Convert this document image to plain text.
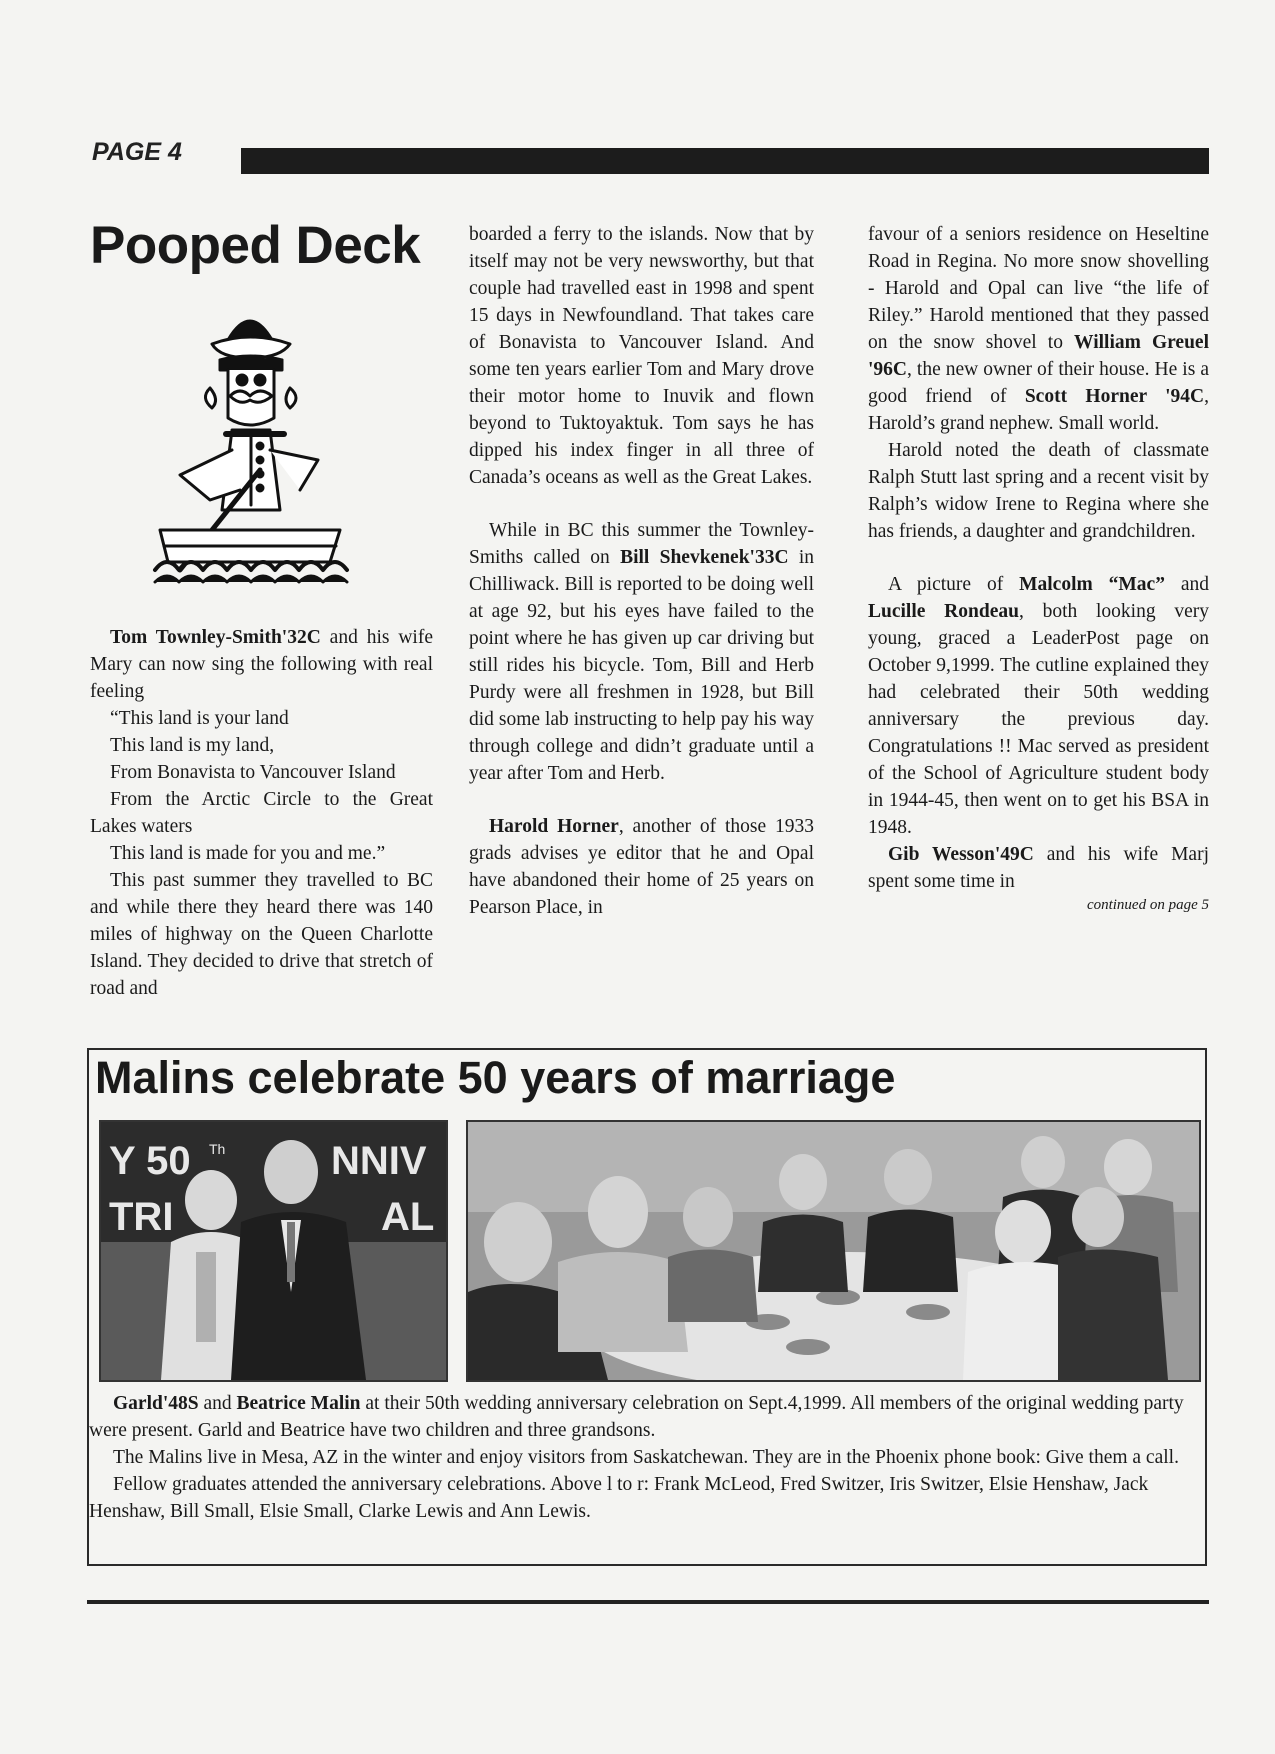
PAGE 4
Pooped Deck

Tom Townley-Smith'32C and his wife Mary can now sing the following with real feeling

“This land is your land

This land is my land,

From Bonavista to Vancouver Island

From the Arctic Circle to the Great Lakes waters

This land is made for you and me.”

This past summer they travelled to BC and while there they heard there was 140 miles of highway on the Queen Charlotte Island. They decided to drive that stretch of road and

boarded a ferry to the islands. Now that by itself may not be very newsworthy, but that couple had travelled east in 1998 and spent 15 days in Newfoundland. That takes care of Bonavista to Vancouver Island. And some ten years earlier Tom and Mary drove their motor home to Inuvik and flown beyond to Tuktoyaktuk. Tom says he has dipped his index finger in all three of Canada’s oceans as well as the Great Lakes.

While in BC this summer the Townley-Smiths called on Bill Shevkenek'33C in Chilliwack. Bill is reported to be doing well at age 92, but his eyes have failed to the point where he has given up car driving but still rides his bicycle. Tom, Bill and Herb Purdy were all freshmen in 1928, but Bill did some lab instructing to help pay his way through college and didn’t graduate until a year after Tom and Herb.

Harold Horner, another of those 1933 grads advises ye editor that he and Opal have abandoned their home of 25 years on Pearson Place, in

favour of a seniors residence on Heseltine Road in Regina. No more snow shovelling - Harold and Opal can live “the life of Riley.” Harold mentioned that they passed on the snow shovel to William Greuel '96C, the new owner of their house. He is a good friend of Scott Horner '94C, Harold’s grand nephew. Small world.

Harold noted the death of classmate Ralph Stutt last spring and a recent visit by Ralph’s widow Irene to Regina where she has friends, a daughter and grandchildren.

A picture of Malcolm “Mac” and Lucille Rondeau, both looking very young, graced a LeaderPost page on October 9,1999. The cutline explained they had celebrated their 50th wedding anniversary the previous day. Congratulations !! Mac served as president of the School of Agriculture student body in 1944-45, then went on to get his BSA in 1948.

Gib Wesson'49C and his wife Marj spent some time in

continued on page 5
Malins celebrate 50 years of marriage
Y 50 Th	NNIV
TRI	AL

Garld'48S and Beatrice Malin at their 50th wedding anniversary celebration on Sept.4,1999. All members of the original wedding party were present. Garld and Beatrice have two children and three grandsons.

The Malins live in Mesa, AZ in the winter and enjoy visitors from Saskatchewan. They are in the Phoenix phone book: Give them a call.

Fellow graduates attended the anniversary celebrations. Above l to r: Frank McLeod, Fred Switzer, Iris Switzer, Elsie Henshaw, Jack Henshaw, Bill Small, Elsie Small, Clarke Lewis and Ann Lewis.
